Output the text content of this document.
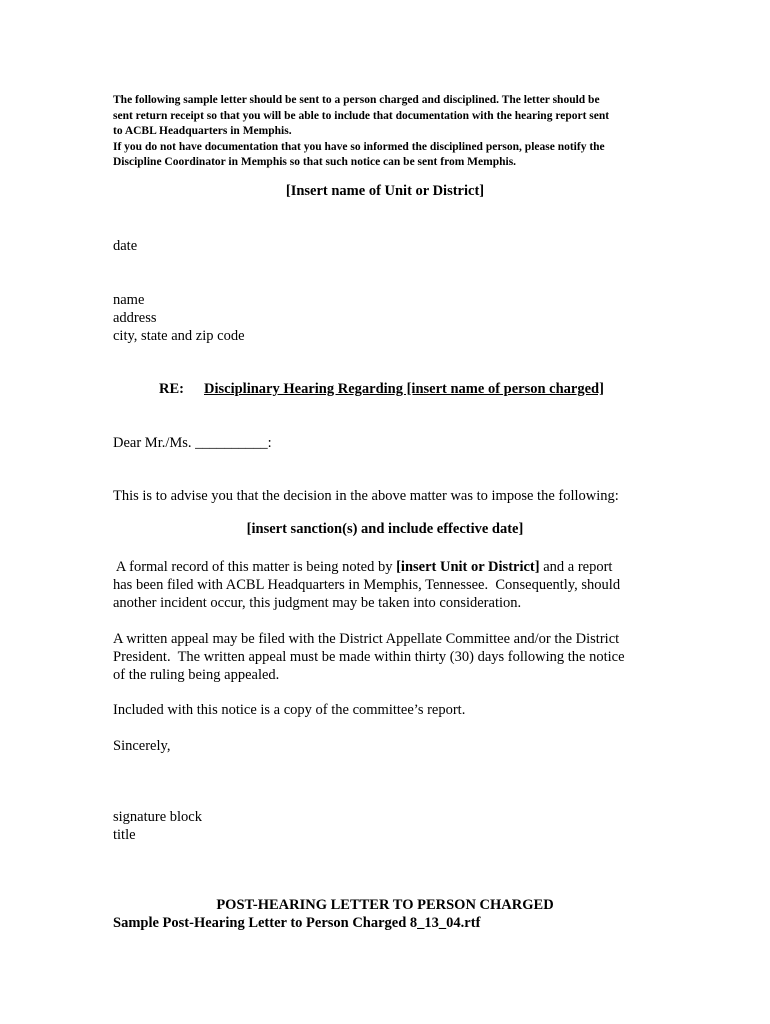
The following sample letter should be sent to a person charged and disciplined. The letter should be
sent return receipt so that you will be able to include that documentation with the hearing report sent
to ACBL Headquarters in Memphis.
If you do not have documentation that you have so informed the disciplined person, please notify the
Discipline Coordinator in Memphis so that such notice can be sent from Memphis.
[Insert name of Unit or District]
date
name
address
city, state and zip code
RE: Disciplinary Hearing Regarding [insert name of person charged]
Dear Mr./Ms. __________:
This is to advise you that the decision in the above matter was to impose the following:
[insert sanction(s) and include effective date]
A formal record of this matter is being noted by [insert Unit or District] and a report
has been filed with ACBL Headquarters in Memphis, Tennessee.  Consequently, should
another incident occur, this judgment may be taken into consideration.
A written appeal may be filed with the District Appellate Committee and/or the District
President.  The written appeal must be made within thirty (30) days following the notice
of the ruling being appealed.
Included with this notice is a copy of the committee’s report.
Sincerely,
signature block
title
POST-HEARING LETTER TO PERSON CHARGED
Sample Post-Hearing Letter to Person Charged 8_13_04.rtf
